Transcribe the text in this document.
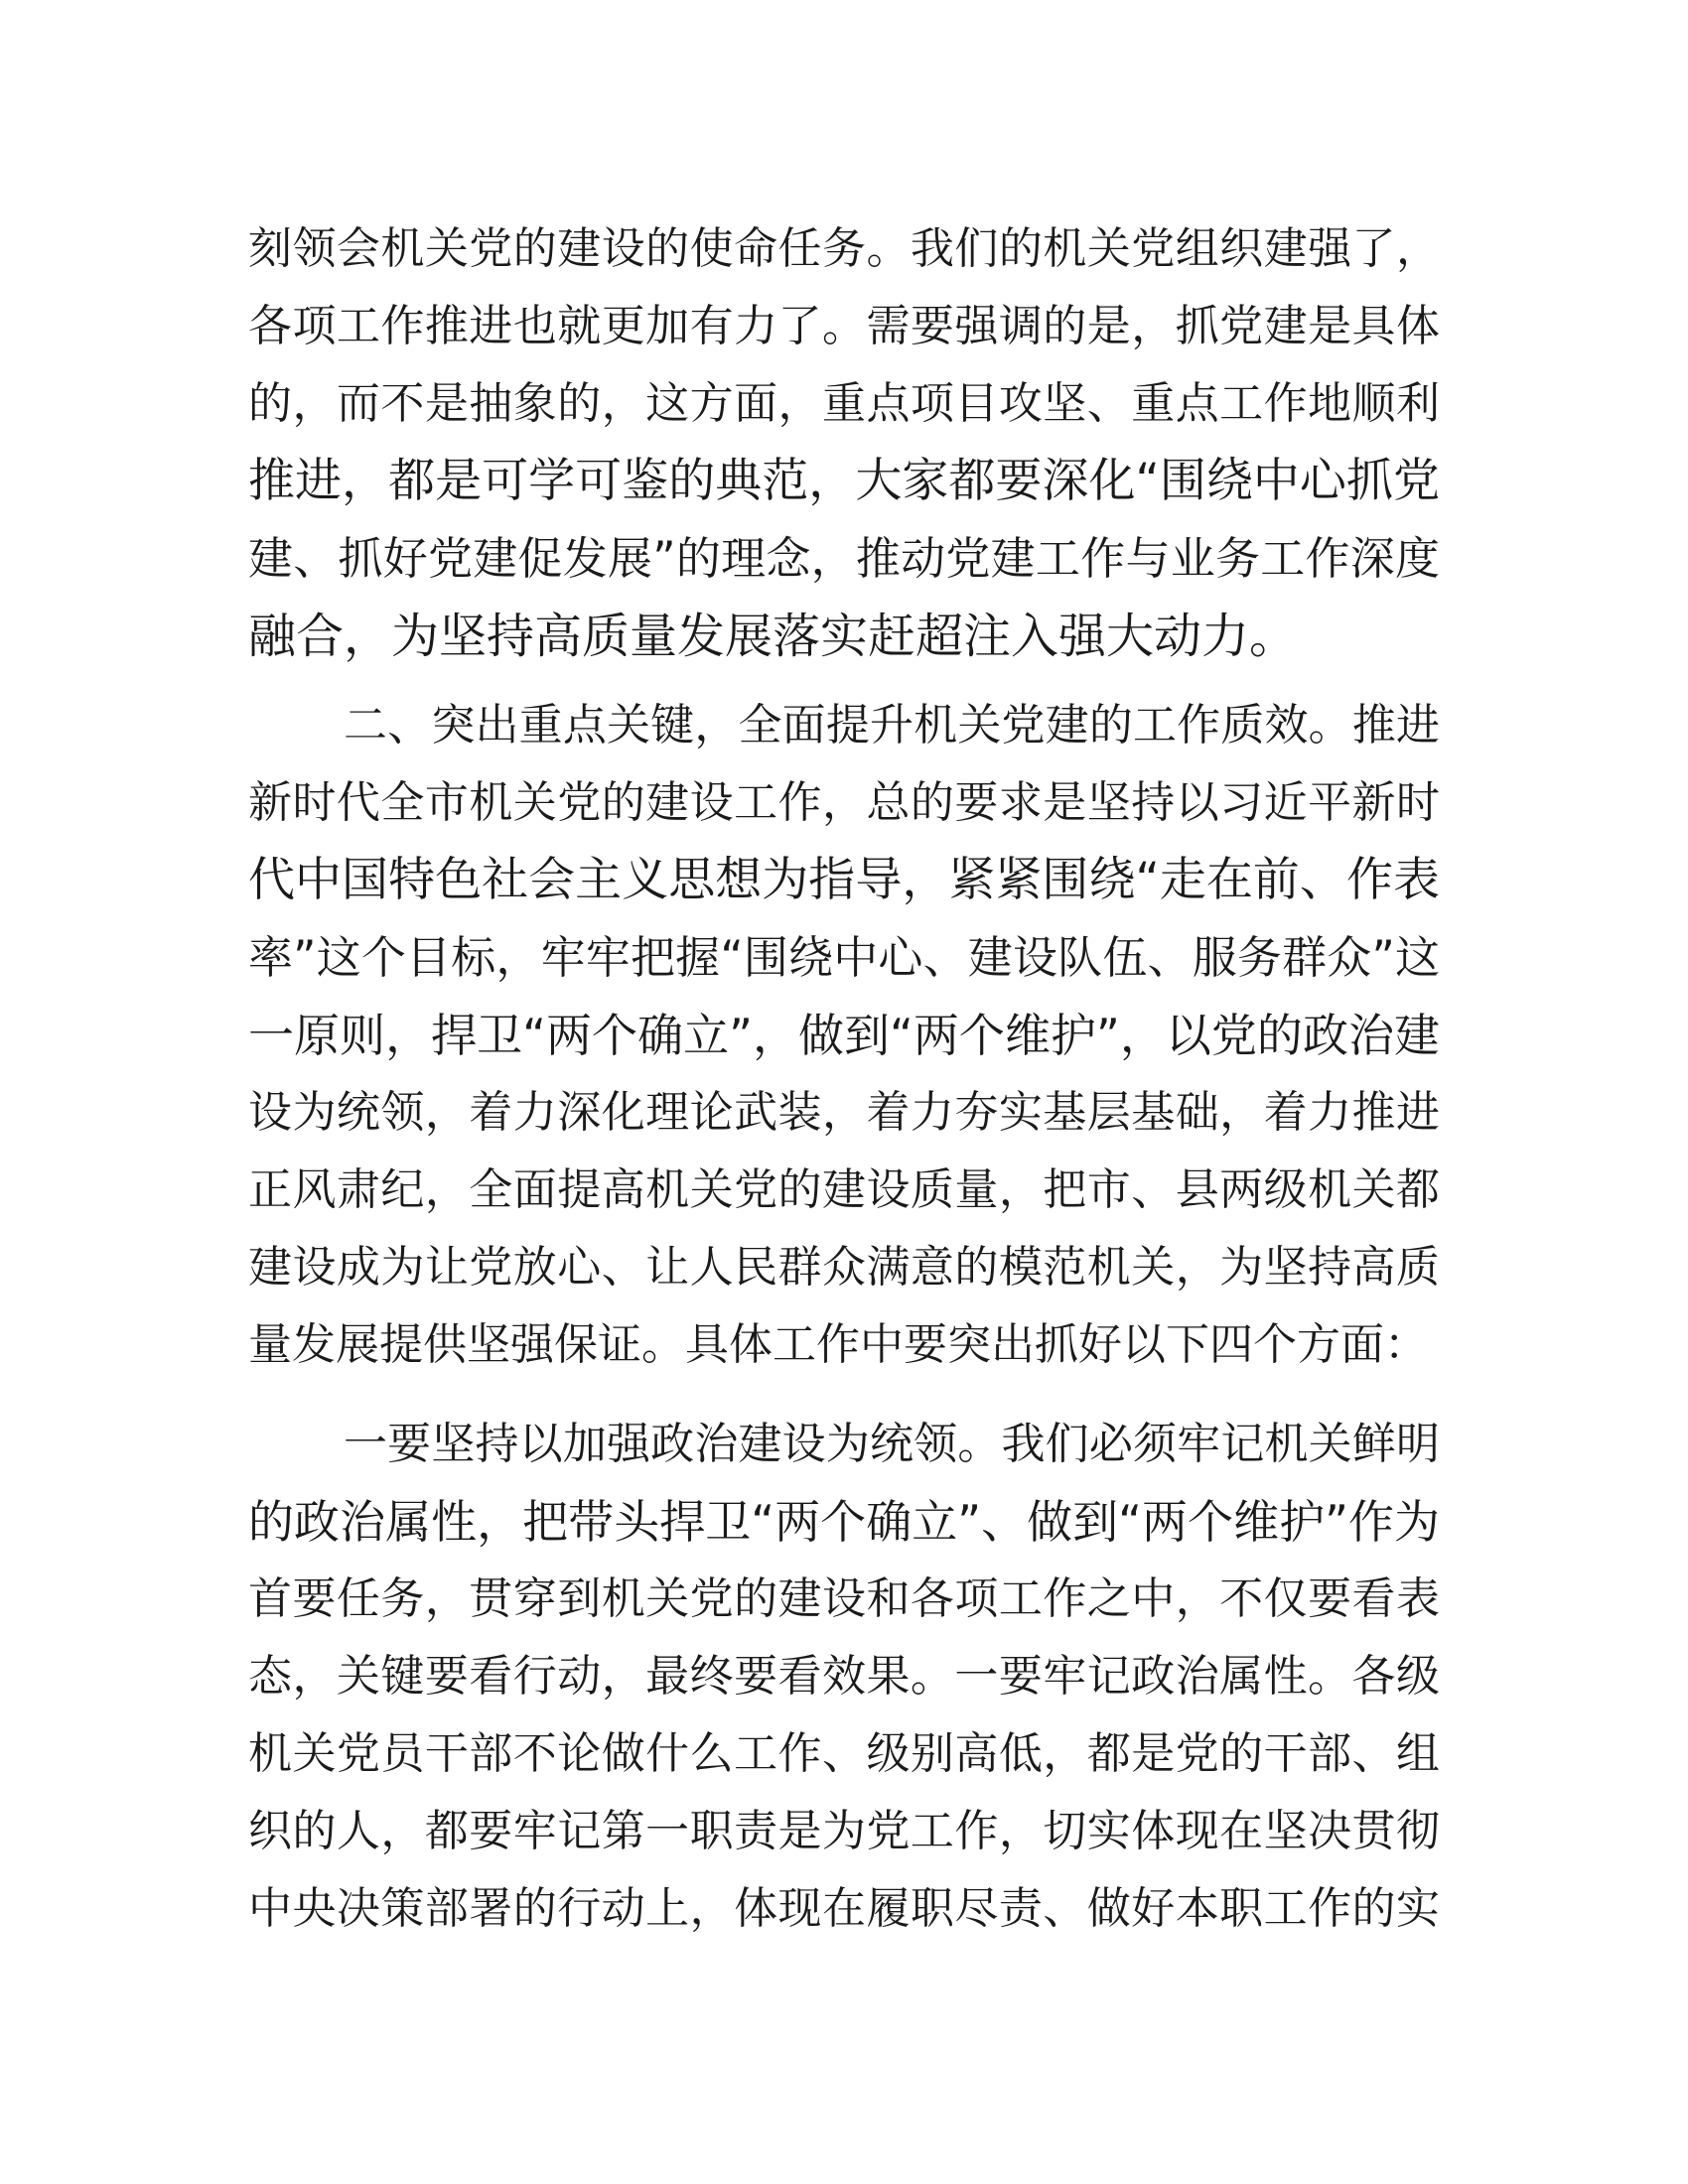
刻领会机关党的建设的使命任务。我们的机关党组织建强了，
各项工作推进也就更加有力了。需要强调的是，抓党建是具体
的，而不是抽象的，这方面，重点项目攻坚、重点工作地顺利
推进，都是可学可鉴的典范，大家都要深化“围绕中心抓党
建、抓好党建促发展”的理念，推动党建工作与业务工作深度
融合，为坚持高质量发展落实赶超注入强大动力。
二、突出重点关键，全面提升机关党建的工作质效。推进
新时代全市机关党的建设工作，总的要求是坚持以习近平新时
代中国特色社会主义思想为指导，紧紧围绕“走在前、作表
率”这个目标，牢牢把握“围绕中心、建设队伍、服务群众”这
一原则，捍卫“两个确立”，做到“两个维护”，以党的政治建
设为统领，着力深化理论武装，着力夯实基层基础，着力推进
正风肃纪，全面提高机关党的建设质量，把市、县两级机关都
建设成为让党放心、让人民群众满意的模范机关，为坚持高质
量发展提供坚强保证。具体工作中要突出抓好以下四个方面：
一要坚持以加强政治建设为统领。我们必须牢记机关鲜明
的政治属性，把带头捍卫“两个确立”、做到“两个维护”作为
首要任务，贯穿到机关党的建设和各项工作之中，不仅要看表
态，关键要看行动，最终要看效果。一要牢记政治属性。各级
机关党员干部不论做什么工作、级别高低，都是党的干部、组
织的人，都要牢记第一职责是为党工作，切实体现在坚决贯彻
中央决策部署的行动上，体现在履职尽责、做好本职工作的实
